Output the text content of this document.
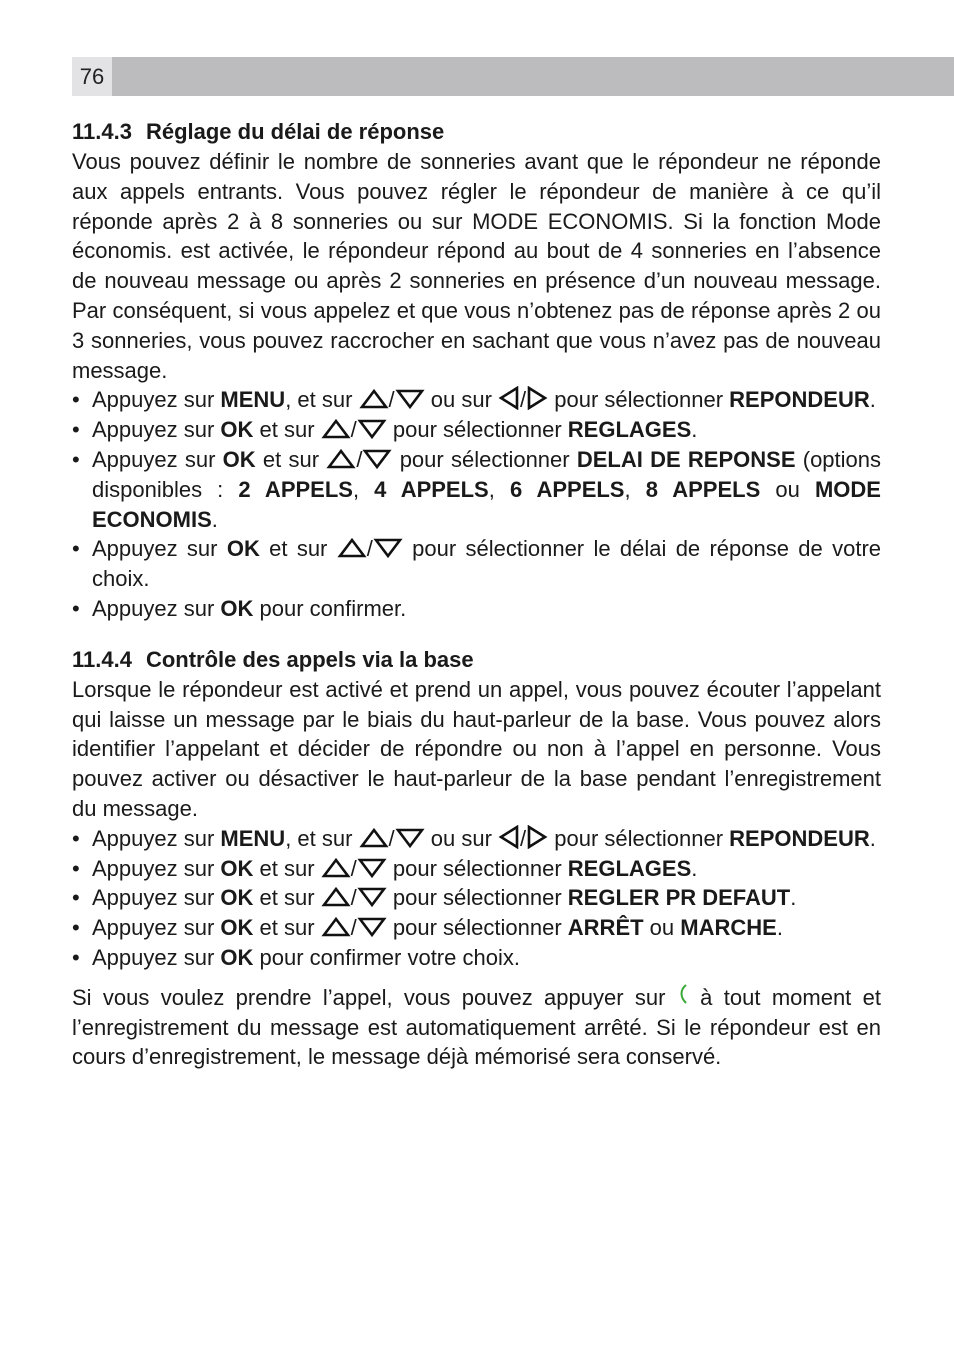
76
11.4.3 Réglage du délai de réponse

Vous pouvez définir le nombre de sonneries avant que le répondeur ne réponde aux appels entrants. Vous pouvez régler le répondeur de manière à ce qu’il réponde après 2 à 8 sonneries ou sur MODE ECONOMIS. Si la fonction Mode économis. est activée, le répondeur répond au bout de 4 sonneries en l’absence de nouveau message ou après 2 sonneries en présence d’un nouveau message. Par conséquent, si vous appelez et que vous n’obtenez pas de réponse après 2 ou 3 sonneries, vous pouvez raccrocher en sachant que vous n’avez pas de nouveau message.

• Appuyez sur MENU, et sur / ou sur / pour sélectionner REPONDEUR.
• Appuyez sur OK et sur / pour sélectionner REGLAGES.
• Appuyez sur OK et sur / pour sélectionner DELAI DE REPONSE (options disponibles : 2 APPELS, 4 APPELS, 6 APPELS, 8 APPELS ou MODE ECONOMIS.
• Appuyez sur OK et sur / pour sélectionner le délai de réponse de votre choix.
• Appuyez sur OK pour confirmer.
11.4.4 Contrôle des appels via la base

Lorsque le répondeur est activé et prend un appel, vous pouvez écouter l’appelant qui laisse un message par le biais du haut-parleur de la base. Vous pouvez alors identifier l’appelant et décider de répondre ou non à l’appel en personne. Vous pouvez activer ou désactiver le haut-parleur de la base pendant l’enregistrement du message.

• Appuyez sur MENU, et sur / ou sur / pour sélectionner REPONDEUR.
• Appuyez sur OK et sur / pour sélectionner REGLAGES.
• Appuyez sur OK et sur / pour sélectionner REGLER PR DEFAUT.
• Appuyez sur OK et sur / pour sélectionner ARRÊT ou MARCHE.
• Appuyez sur OK pour confirmer votre choix.

Si vous voulez prendre l’appel, vous pouvez appuyer sur  à tout moment et l’enregistrement du message est automatiquement arrêté. Si le répondeur est en cours d’enregistrement, le message déjà mémorisé sera conservé.
